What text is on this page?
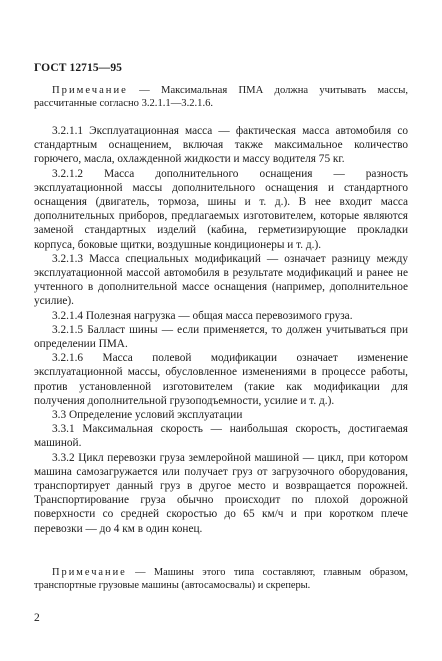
ГОСТ 12715—95
Примечание — Максимальная ПМА должна учитывать массы, рассчитанные согласно 3.2.1.1—3.2.1.6.

3.2.1.1 Эксплуатационная масса — фактическая масса автомобиля со стандартным оснащением, включая также максимальное количество горючего, масла, охлажденной жидкости и массу водителя 75 кг.

3.2.1.2 Масса дополнительного оснащения — разность эксплуатационной массы дополнительного оснащения и стандартного оснащения (двигатель, тормоза, шины и т. д.). В нее входит масса дополнительных приборов, предлагаемых изготовителем, которые являются заменой стандартных изделий (кабина, герметизирующие прокладки корпуса, боковые щитки, воздушные кондиционеры и т. д.).

3.2.1.3 Масса специальных модификаций — означает разницу между эксплуатационной массой автомобиля в результате модификаций и ранее не учтенного в дополнительной массе оснащения (например, дополнительное усилие).

3.2.1.4 Полезная нагрузка — общая масса перевозимого груза.

3.2.1.5 Балласт шины — если применяется, то должен учитываться при определении ПМА.

3.2.1.6 Масса полевой модификации означает изменение эксплуатационной массы, обусловленное изменениями в процессе работы, против установленной изготовителем (такие как модификации для получения дополнительной грузоподъемности, усилие и т. д.).

3.3 Определение условий эксплуатации

3.3.1 Максимальная скорость — наибольшая скорость, достигаемая машиной.

3.3.2 Цикл перевозки груза землеройной машиной — цикл, при котором машина самозагружается или получает груз от загрузочного оборудования, транспортирует данный груз в другое место и возвращается порожней. Транспортирование груза обычно происходит по плохой дорожной поверхности со средней скоростью до 65 км/ч и при коротком плече перевозки — до 4 км в один конец.

Примечание — Машины этого типа составляют, главным образом, транспортные грузовые машины (автосамосвалы) и скреперы.
2
